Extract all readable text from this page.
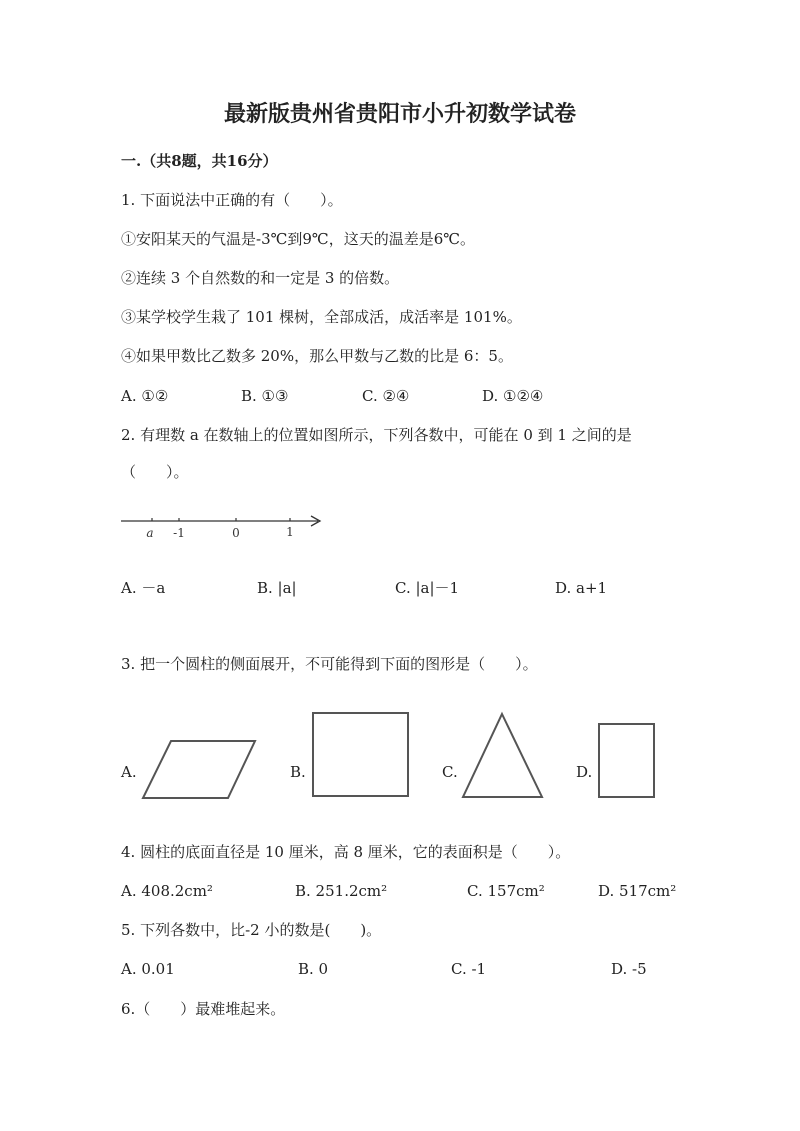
最新版贵州省贵阳市小升初数学试卷
一.（共8题，共16分）
1. 下面说法中正确的有（　　）。
①安阳某天的气温是-3℃到9℃，这天的温差是6℃。
②连续 3 个自然数的和一定是 3 的倍数。
③某学校学生栽了 101 棵树，全部成活，成活率是 101%。
④如果甲数比乙数多 20%，那么甲数与乙数的比是 6：5。
A. ①②	B. ①③	C. ②④	D. ①②④
2. 有理数 a 在数轴上的位置如图所示，下列各数中，可能在 0 到 1 之间的是
（　　）。
a -1	0	1
A. －a	B. |a|	C. |a|－1	D. a+1
3. 把一个圆柱的侧面展开，不可能得到下面的图形是（　　）。
A.	B.	C.	D.
4. 圆柱的底面直径是 10 厘米，高 8 厘米，它的表面积是（　　）。
A. 408.2cm²	B. 251.2cm²	C. 157cm²	D. 517cm²
5. 下列各数中，比-2 小的数是(　　)。
A. 0.01	B. 0	C. -1	D. -5
6.（　　）最难堆起来。
